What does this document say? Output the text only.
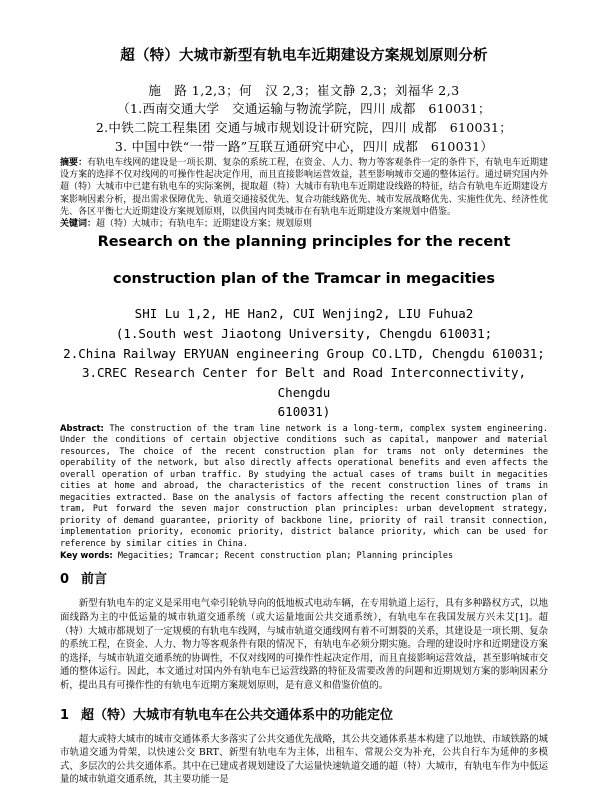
超（特）大城市新型有轨电车近期建设方案规划原则分析
施　路 1,2,3；何　汉 2,3；崔文静 2,3；刘福华 2,3
（1.西南交通大学　交通运输与物流学院，四川 成都　610031；
2.中铁二院工程集团 交通与城市规划设计研究院，四川 成都　610031；
3. 中国中铁“一带一路”互联互通研究中心，四川 成都　610031）
摘要：有轨电车线网的建设是一项长期、复杂的系统工程，在资金、人力、物力等客观条件一定的条件下，有轨电车近期建设方案的选择不仅对线网的可操作性起决定作用，而且直接影响运营效益，甚至影响城市交通的整体运行。通过研究国内外超（特）大城市中已建有轨电车的实际案例，提取超（特）大城市有轨电车近期建设线路的特征，结合有轨电车近期建设方案影响因素分析，提出需求保障优先、轨道交通接驳优先、复合功能线路优先、城市发展战略优先、实施性优先、经济性优先、各区平衡七大近期建设方案规划原则，以供国内同类城市在有轨电车近期建设方案规划中借鉴。
关键词：超（特）大城市；有轨电车；近期建设方案；规划原则
Research on the planning principles for the recent
construction plan of the Tramcar in megacities
SHI Lu 1,2, HE Han2, CUI Wenjing2, LIU Fuhua2
(1.South west Jiaotong University, Chengdu 610031;
2.China Railway ERYUAN engineering Group CO.LTD, Chengdu 610031;
3.CREC Research Center for Belt and Road Interconnectivity, Chengdu
610031)
Abstract: The construction of the tram line network is a long-term, complex system engineering. Under the conditions of certain objective conditions such as capital, manpower and material resources, The choice of the recent construction plan for trams not only determines the operability of the network, but also directly affects operational benefits and even affects the overall operation of urban traffic. By studying the actual cases of trams built in megacities cities at home and abroad, the characteristics of the recent construction lines of trams in megacities extracted. Base on the analysis of factors affecting the recent construction plan of tram, Put forward the seven major construction plan principles: urban development strategy, priority of demand guarantee, priority of backbone line, priority of rail transit connection, implementation priority, economic priority, district balance priority, which can be used for reference by similar cities in China.
Key words: Megacities; Tramcar; Recent construction plan; Planning principles
0 前言
新型有轨电车的定义是采用电气牵引轮轨导向的低地板式电动车辆，在专用轨道上运行，具有多种路权方式，以地面线路为主的中低运量的城市轨道交通系统（或大运量地面公共交通系统），有轨电车在我国发展方兴未艾[1]。超（特）大城市都规划了一定规模的有轨电车线网，与城市轨道交通线网有着不可割裂的关系，其建设是一项长期、复杂的系统工程，在资金、人力、物力等客观条件有限的情况下，有轨电车必须分期实施。合理的建设时序和近期建设方案的选择，与城市轨道交通系统的协调性，不仅对线网的可操作性起决定作用，而且直接影响运营效益，甚至影响城市交通的整体运行。因此，本文通过对国内外有轨电车已运营线路的特征及需要改善的问题和近期规划方案的影响因素分析，提出具有可操作性的有轨电车近期方案规划原则，是有意义和借鉴价值的。
1 超（特）大城市有轨电车在公共交通体系中的功能定位
超大或特大城市的城市交通体系大多落实了公共交通优先战略，其公共交通体系基本构建了以地铁、市域铁路的城市轨道交通为骨架，以快速公交 BRT、新型有轨电车为主体，出租车、常规公交为补充，公共自行车为延伸的多模式、多层次的公共交通体系。其中在已建成者规划建设了大运量快速轨道交通的超（特）大城市，有轨电车作为中低运量的城市轨道交通系统，其主要功能一是
